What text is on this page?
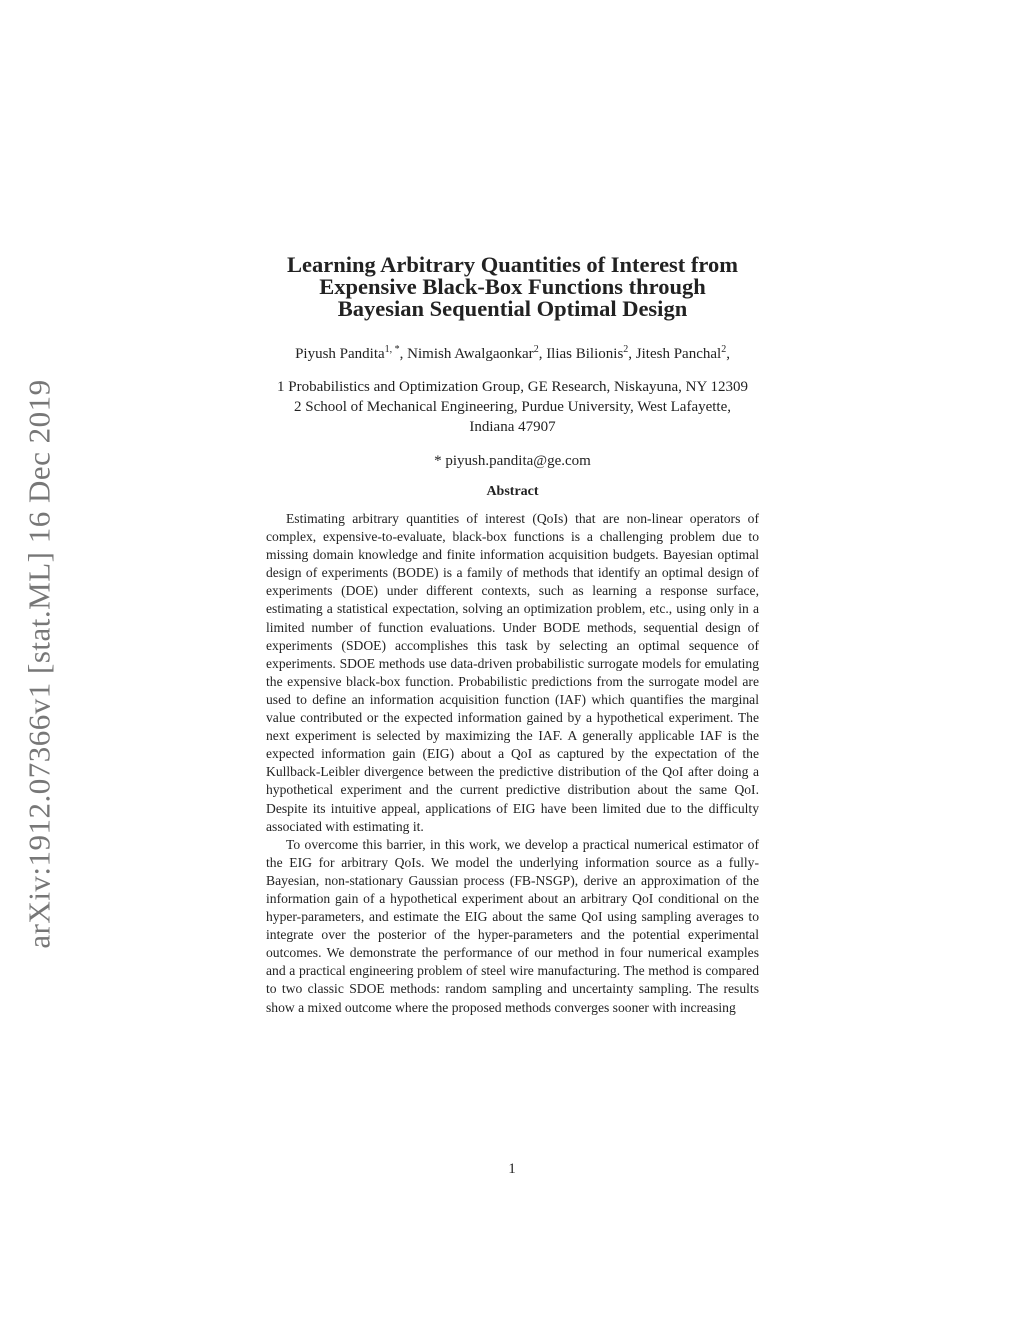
arXiv:1912.07366v1 [stat.ML] 16 Dec 2019
Learning Arbitrary Quantities of Interest from
Expensive Black-Box Functions through
Bayesian Sequential Optimal Design
Piyush Pandita$^{1, *}$, Nimish Awalgaonkar$^2$, Ilias Bilionis$^2$, Jitesh Panchal$^2$,
1 Probabilistics and Optimization Group, GE Research, Niskayuna, NY 12309
2 School of Mechanical Engineering, Purdue University, West Lafayette,
Indiana 47907
* piyush.pandita@ge.com
Abstract

Estimating arbitrary quantities of interest (QoIs) that are non-linear operators of complex, expensive-to-evaluate, black-box functions is a challenging problem due to missing domain knowledge and finite information acquisition budgets. Bayesian optimal design of experiments (BODE) is a family of methods that identify an optimal design of experiments (DOE) under different contexts, such as learning a response surface, estimating a statistical expectation, solving an optimization problem, etc., using only in a limited number of function evaluations. Under BODE methods, sequential design of experiments (SDOE) accomplishes this task by selecting an optimal sequence of experiments. SDOE methods use data-driven probabilistic surrogate models for emulating the expensive black-box function. Probabilistic predictions from the surrogate model are used to define an information acquisition function (IAF) which quantifies the marginal value contributed or the expected information gained by a hypothetical experiment. The next experiment is selected by maximizing the IAF. A generally applicable IAF is the expected information gain (EIG) about a QoI as captured by the expectation of the Kullback-Leibler divergence between the predictive distribution of the QoI after doing a hypothetical experiment and the current predictive distribution about the same QoI. Despite its intuitive appeal, applications of EIG have been limited due to the difficulty associated with estimating it.

To overcome this barrier, in this work, we develop a practical numerical estimator of the EIG for arbitrary QoIs. We model the underlying information source as a fully-Bayesian, non-stationary Gaussian process (FB-NSGP), derive an approximation of the information gain of a hypothetical experiment about an arbitrary QoI conditional on the hyper-parameters, and estimate the EIG about the same QoI using sampling averages to integrate over the posterior of the hyper-parameters and the potential experimental outcomes. We demonstrate the performance of our method in four numerical examples and a practical engineering problem of steel wire manufacturing. The method is compared to two classic SDOE methods: random sampling and uncertainty sampling. The results show a mixed outcome where the proposed methods converges sooner with increasing

1
